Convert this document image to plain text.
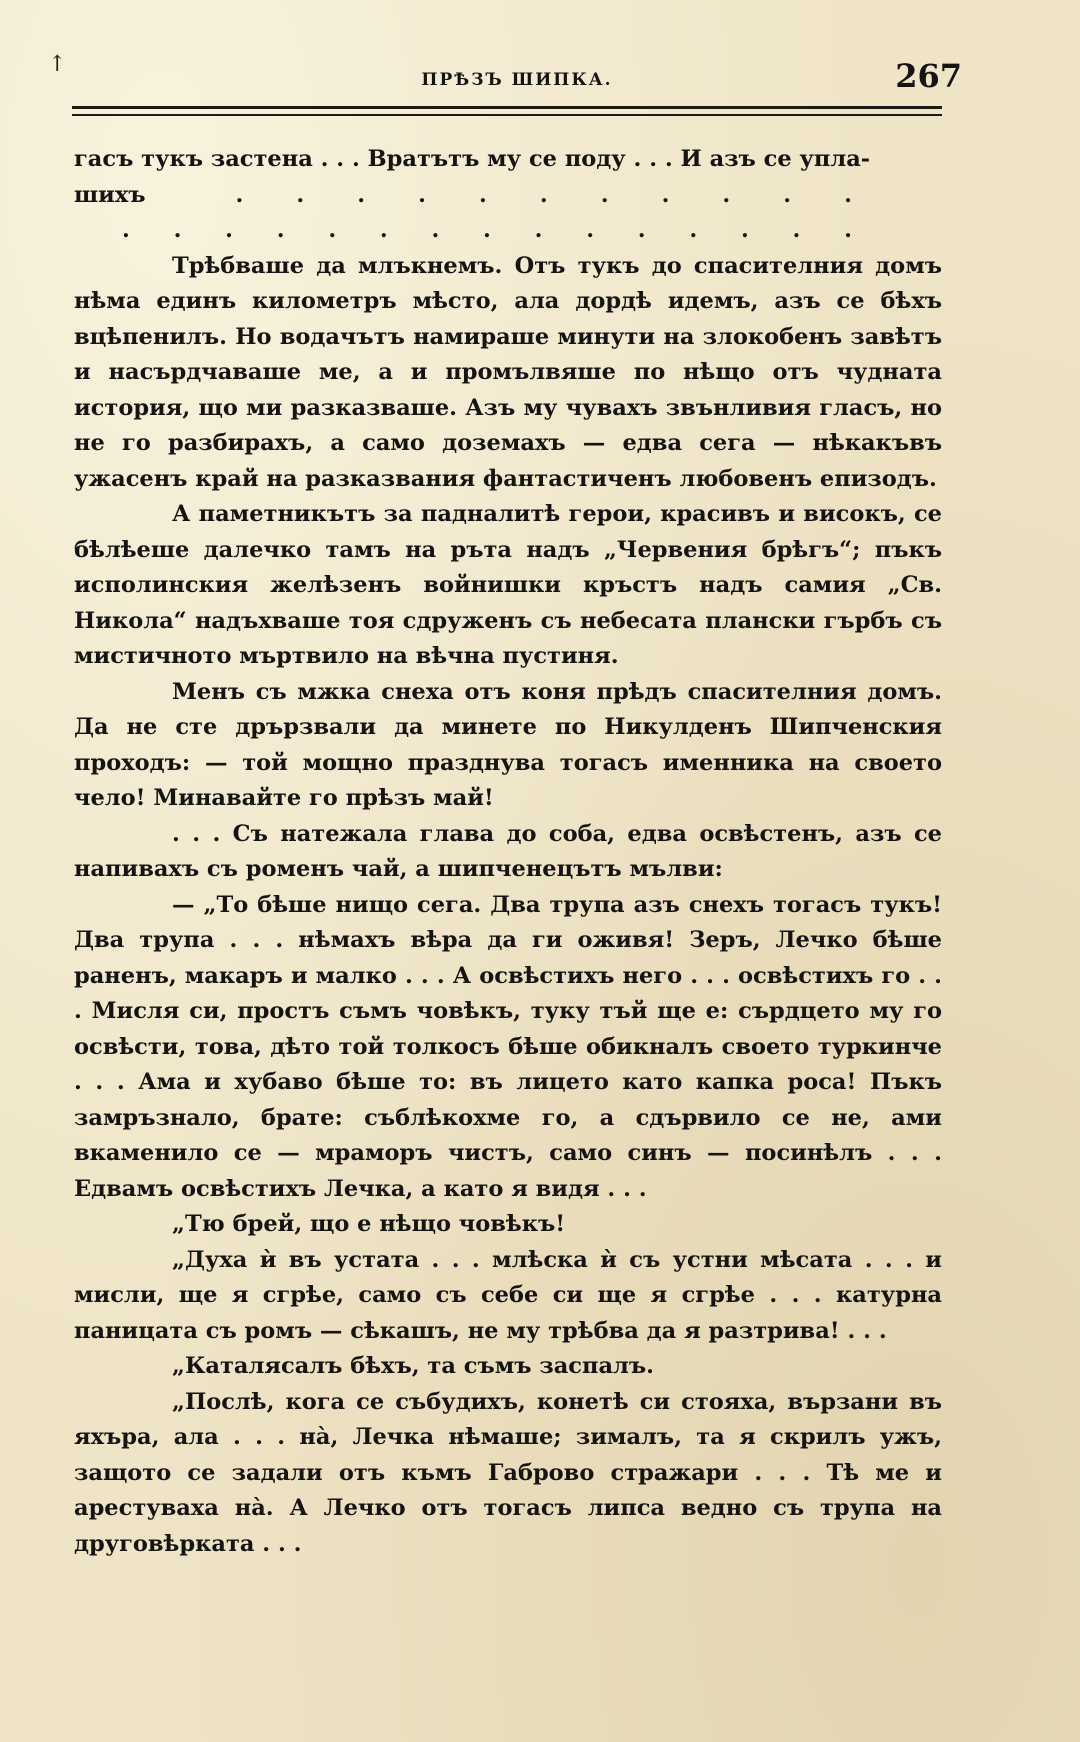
↑
ПРѢЗЪ ШИПКА.	267

гасъ тукъ застена . . . Вратътъ му се поду . . . И азъ се упла-

шихъ	. . . . . . . . . . .
. . . . . . . . . . . . . . .

Трѣбваше да млъкнемъ. Отъ тукъ до спасителния домъ нѣма единъ километръ мѣсто, ала дордѣ идемъ, азъ се бѣхъ вцѣпенилъ. Но водачътъ намираше минути на злокобенъ завѣтъ и насърдчаваше ме, а и промълвяше по нѣщо отъ чудната история, що ми разказваше. Азъ му чувахъ звънливия гласъ, но не го разбирахъ, а само доземахъ — едва сега — нѣкакъвъ ужасенъ край на разказвания фантастиченъ любовенъ епизодъ.

А паметникътъ за падналитѣ герои, красивъ и високъ, се бѣлѣеше далечко тамъ на ръта надъ „Червения брѣгъ“; пъкъ исполинския желѣзенъ войнишки кръстъ надъ самия „Св. Никола“ надъхваше тоя сдруженъ съ небесата плански гърбъ съ мистичното мъртвило на вѣчна пустиня.

Менъ съ мжка снеха отъ коня прѣдъ спасителния домъ. Да не сте дрързвали да минете по Никулденъ Шипченския проходъ: — той мощно празднува тогасъ именника на своето чело! Минавайте го прѣзъ май!

. . . Съ натежала глава до соба, едва освѣстенъ, азъ се напивахъ съ роменъ чай, а шипченецътъ мълви:

— „То бѣше нищо сега. Два трупа азъ снехъ тогасъ тукъ! Два трупа . . . нѣмахъ вѣра да ги оживя! Зеръ, Лечко бѣше раненъ, макаръ и малко . . . А освѣстихъ него . . . освѣстихъ го . . . Мисля си, простъ съмъ човѣкъ, туку тъй ще е: сърдцето му го освѣсти, това, дѣто той толкосъ бѣше обикналъ своето туркинче . . . Ама и хубаво бѣше то: въ лицето като капка роса! Пъкъ замръзнало, брате: съблѣкохме го, а сдървило се не, ами вкаменило се — мраморъ чистъ, само синъ — посинѣлъ . . . Едвамъ освѣстихъ Лечка, а като я видя . . .

„Тю брей, що е нѣщо човѣкъ!

„Духа ѝ въ устата . . . млѣска ѝ съ устни мѣсата . . . и мисли, ще я сгрѣе, само съ себе си ще я сгрѣе . . . катурна паницата съ ромъ — сѣкашъ, не му трѣбва да я разтрива! . . .

„Каталясалъ бѣхъ, та съмъ заспалъ.

„Послѣ, кога се събудихъ, конетѣ си стояха, вързани въ яхъра, ала . . . нà, Лечка нѣмаше; зималъ, та я скрилъ ужъ, защото се задали отъ къмъ Габрово стражари . . . Тѣ ме и арестуваха нà. А Лечко отъ тогасъ липса ведно съ трупа на друговѣрката . . .
